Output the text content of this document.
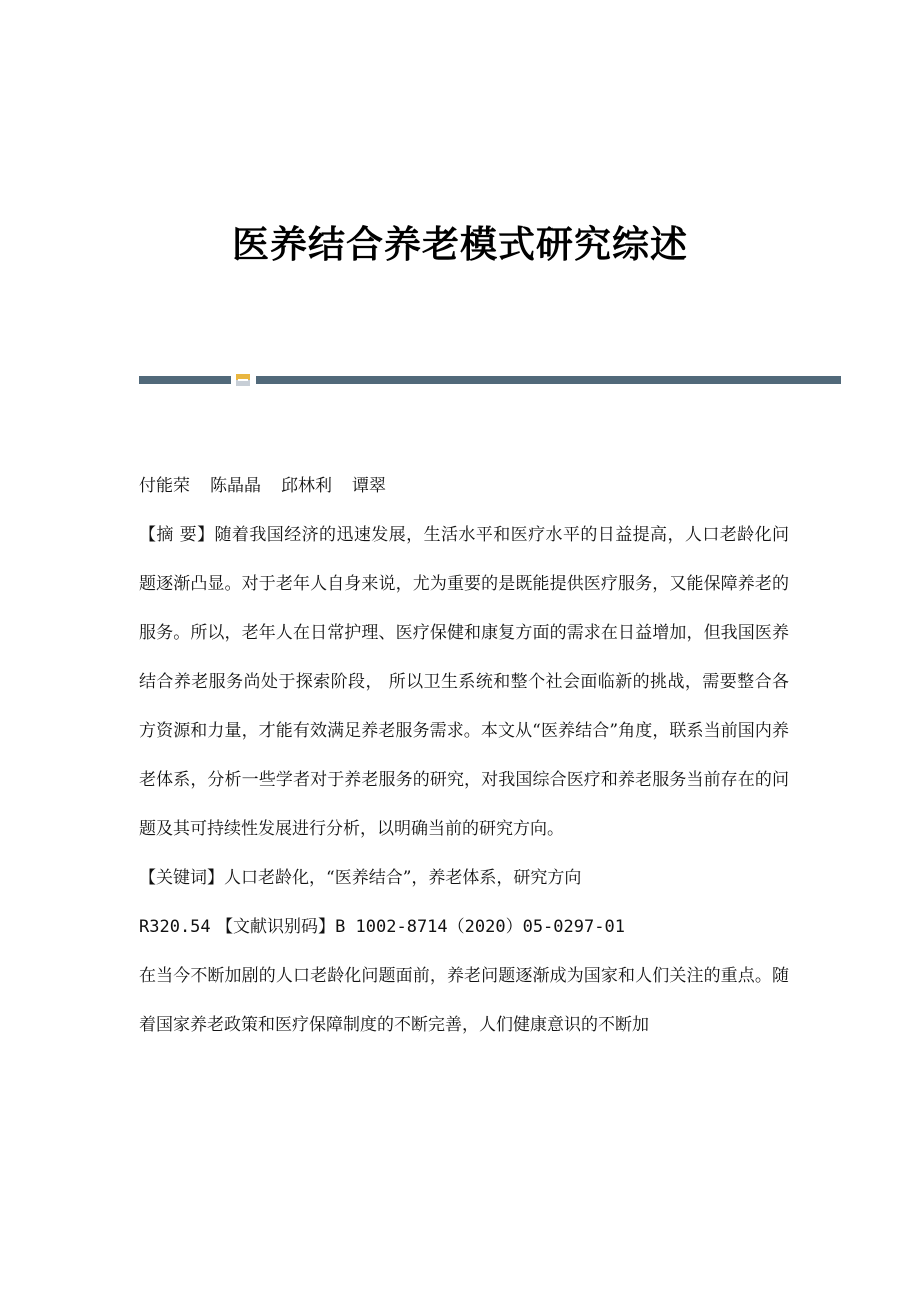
医养结合养老模式研究综述

付能荣 陈晶晶 邱林利 谭翠

【摘 要】随着我国经济的迅速发展，生活水平和医疗水平的日益提高，人口老龄化问题逐渐凸显。对于老年人自身来说，尤为重要的是既能提供医疗服务，又能保障养老的服务。所以，老年人在日常护理、医疗保健和康复方面的需求在日益增加，但我国医养结合养老服务尚处于探索阶段， 所以卫生系统和整个社会面临新的挑战，需要整合各方资源和力量，才能有效满足养老服务需求。本文从“医养结合”角度，联系当前国内养老体系，分析一些学者对于养老服务的研究，对我国综合医疗和养老服务当前存在的问题及其可持续性发展进行分析，以明确当前的研究方向。

【关键词】人口老龄化，“医养结合”，养老体系，研究方向

R320.54 【文献识别码】B 1002-8714（2020）05-0297-01

在当今不断加剧的人口老龄化问题面前，养老问题逐渐成为国家和人们关注的重点。随着国家养老政策和医疗保障制度的不断完善，人们健康意识的不断加
